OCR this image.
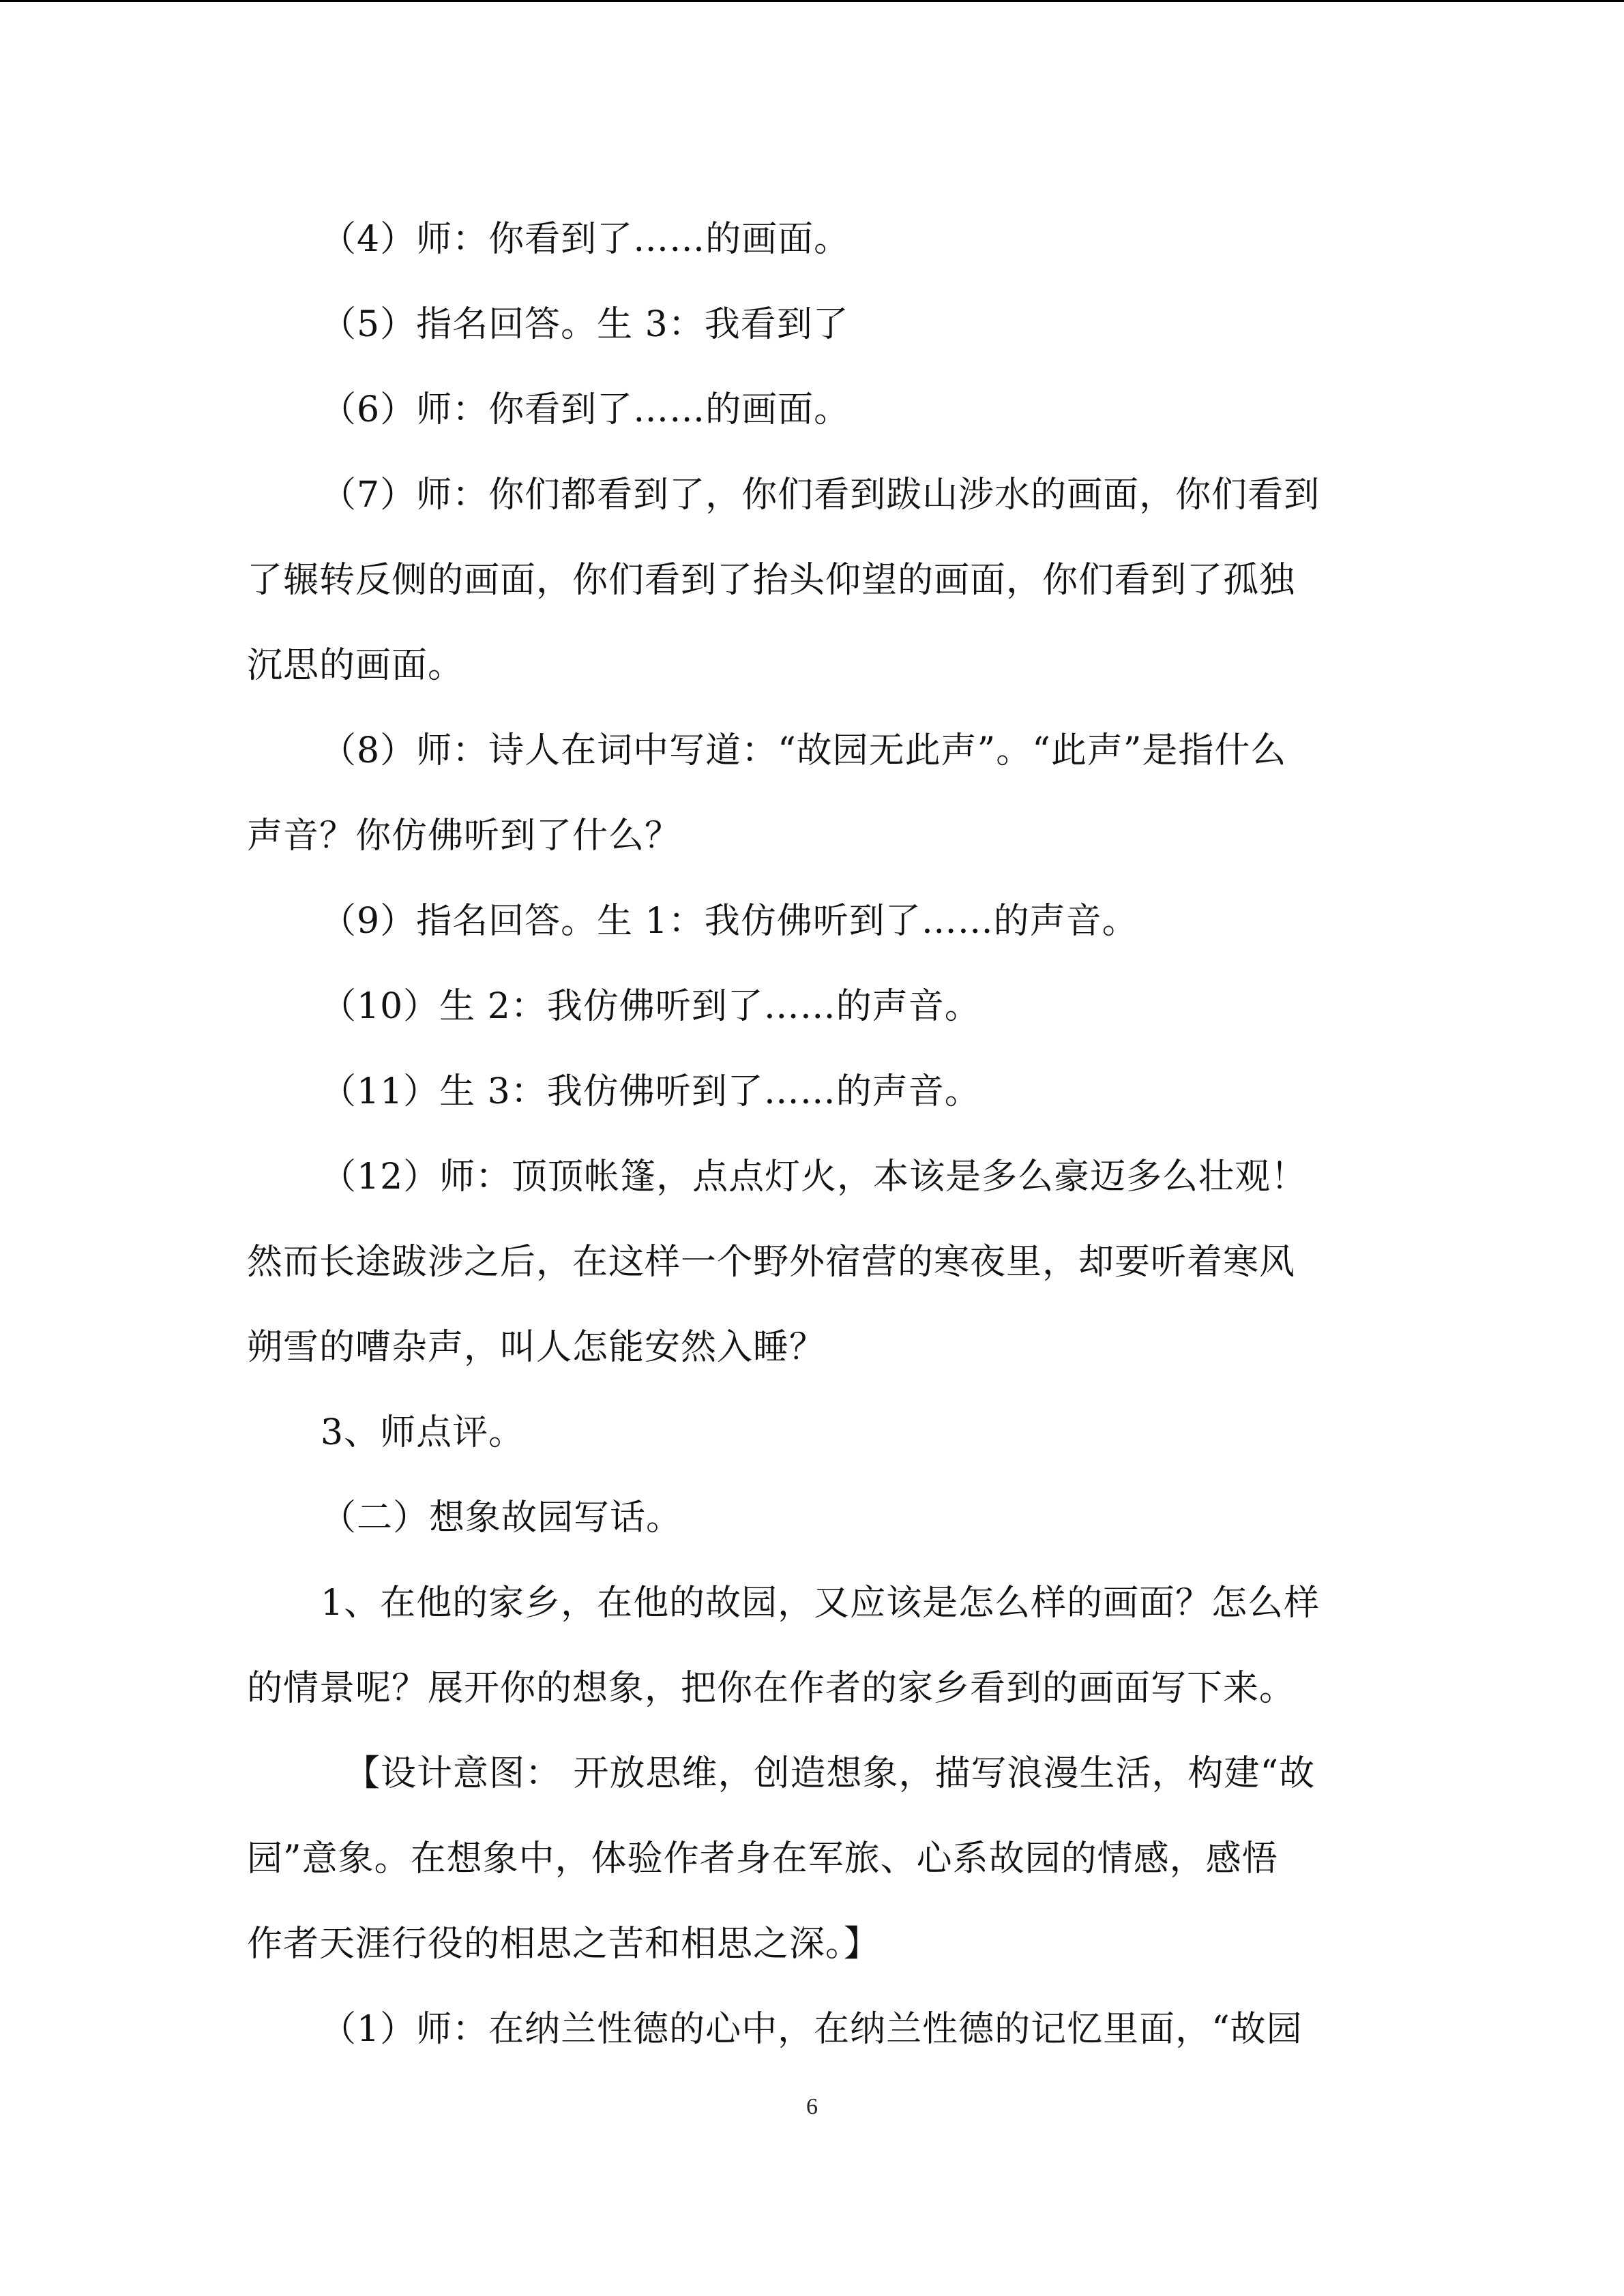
（4）师：你看到了……的画面。
（5）指名回答。生 3：我看到了
（6）师：你看到了……的画面。
（7）师：你们都看到了，你们看到跋山涉水的画面，你们看到
了辗转反侧的画面，你们看到了抬头仰望的画面，你们看到了孤独
沉思的画面。
（8）师：诗人在词中写道：“故园无此声”。“此声”是指什么
声音？你仿佛听到了什么？
（9）指名回答。生 1：我仿佛听到了……的声音。
（10）生 2：我仿佛听到了……的声音。
（11）生 3：我仿佛听到了……的声音。
（12）师：顶顶帐篷，点点灯火，本该是多么豪迈多么壮观！
然而长途跋涉之后，在这样一个野外宿营的寒夜里，却要听着寒风
朔雪的嘈杂声，叫人怎能安然入睡？
3、师点评。
（二）想象故园写话。
1、在他的家乡，在他的故园，又应该是怎么样的画面？怎么样
的情景呢？展开你的想象，把你在作者的家乡看到的画面写下来。
【设计意图： 开放思维，创造想象，描写浪漫生活，构建“故
园”意象。在想象中，体验作者身在军旅、心系故园的情感，感悟
作者天涯行役的相思之苦和相思之深。】
（1）师：在纳兰性德的心中，在纳兰性德的记忆里面，“故园
6
